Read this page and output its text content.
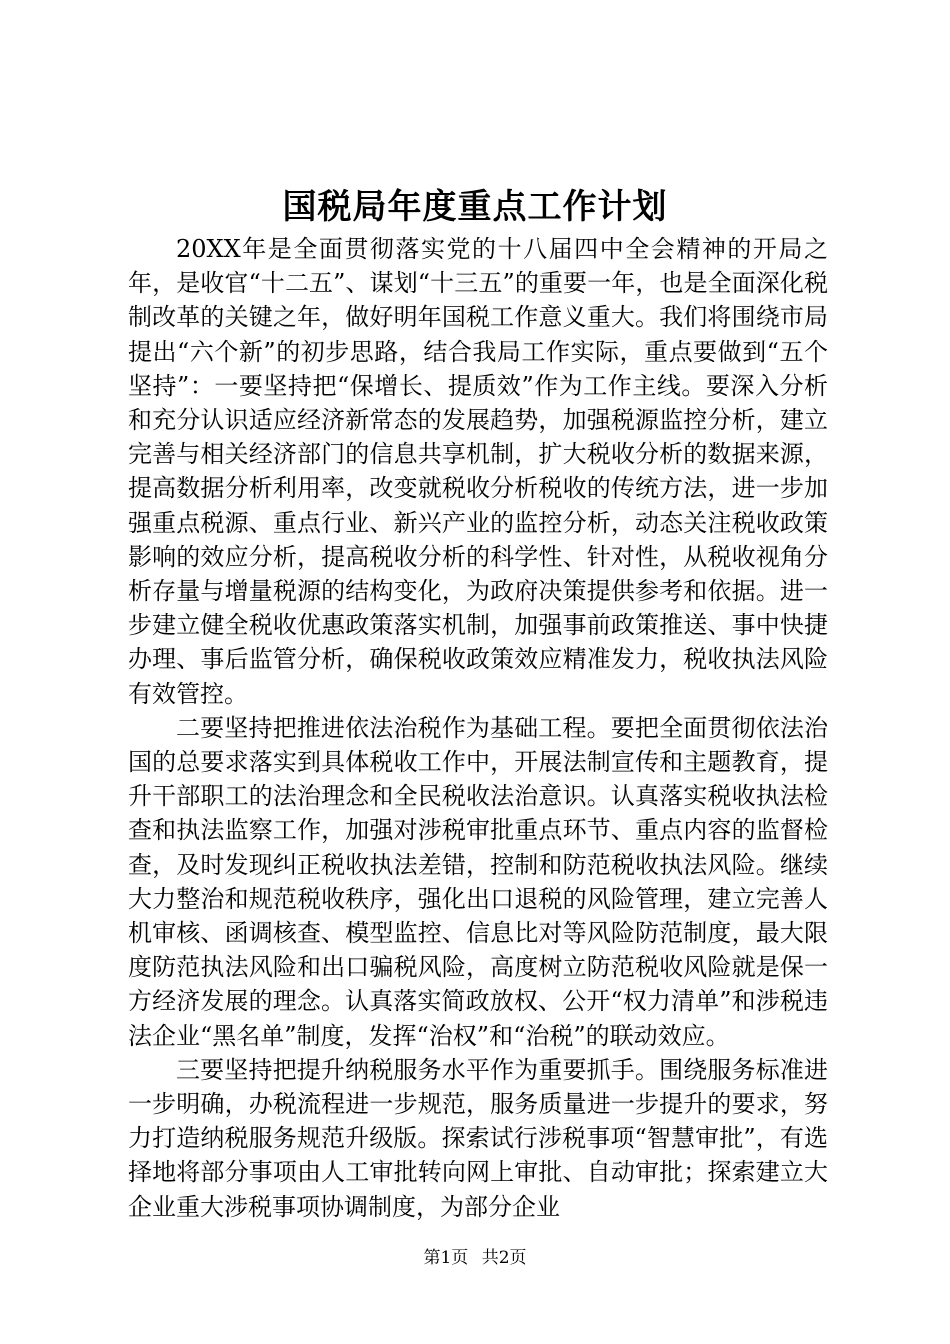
国税局年度重点工作计划

20XX年是全面贯彻落实党的十八届四中全会精神的开局之年，是收官“十二五”、谋划“十三五”的重要一年，也是全面深化税制改革的关键之年，做好明年国税工作意义重大。我们将围绕市局提出“六个新”的初步思路，结合我局工作实际，重点要做到“五个坚持”：一要坚持把“保增长、提质效”作为工作主线。要深入分析和充分认识适应经济新常态的发展趋势，加强税源监控分析，建立完善与相关经济部门的信息共享机制，扩大税收分析的数据来源，提高数据分析利用率，改变就税收分析税收的传统方法，进一步加强重点税源、重点行业、新兴产业的监控分析，动态关注税收政策影响的效应分析，提高税收分析的科学性、针对性，从税收视角分析存量与增量税源的结构变化，为政府决策提供参考和依据。进一步建立健全税收优惠政策落实机制，加强事前政策推送、事中快捷办理、事后监管分析，确保税收政策效应精准发力，税收执法风险有效管控。

二要坚持把推进依法治税作为基础工程。要把全面贯彻依法治国的总要求落实到具体税收工作中，开展法制宣传和主题教育，提升干部职工的法治理念和全民税收法治意识。认真落实税收执法检查和执法监察工作，加强对涉税审批重点环节、重点内容的监督检查，及时发现纠正税收执法差错，控制和防范税收执法风险。继续大力整治和规范税收秩序，强化出口退税的风险管理，建立完善人机审核、函调核查、模型监控、信息比对等风险防范制度，最大限度防范执法风险和出口骗税风险，高度树立防范税收风险就是保一方经济发展的理念。认真落实简政放权、公开“权力清单”和涉税违法企业“黑名单”制度，发挥“治权”和“治税”的联动效应。

三要坚持把提升纳税服务水平作为重要抓手。围绕服务标准进一步明确，办税流程进一步规范，服务质量进一步提升的要求，努力打造纳税服务规范升级版。探索试行涉税事项“智慧审批”，有选择地将部分事项由人工审批转向网上审批、自动审批；探索建立大企业重大涉税事项协调制度，为部分企业

第1页 共2页
